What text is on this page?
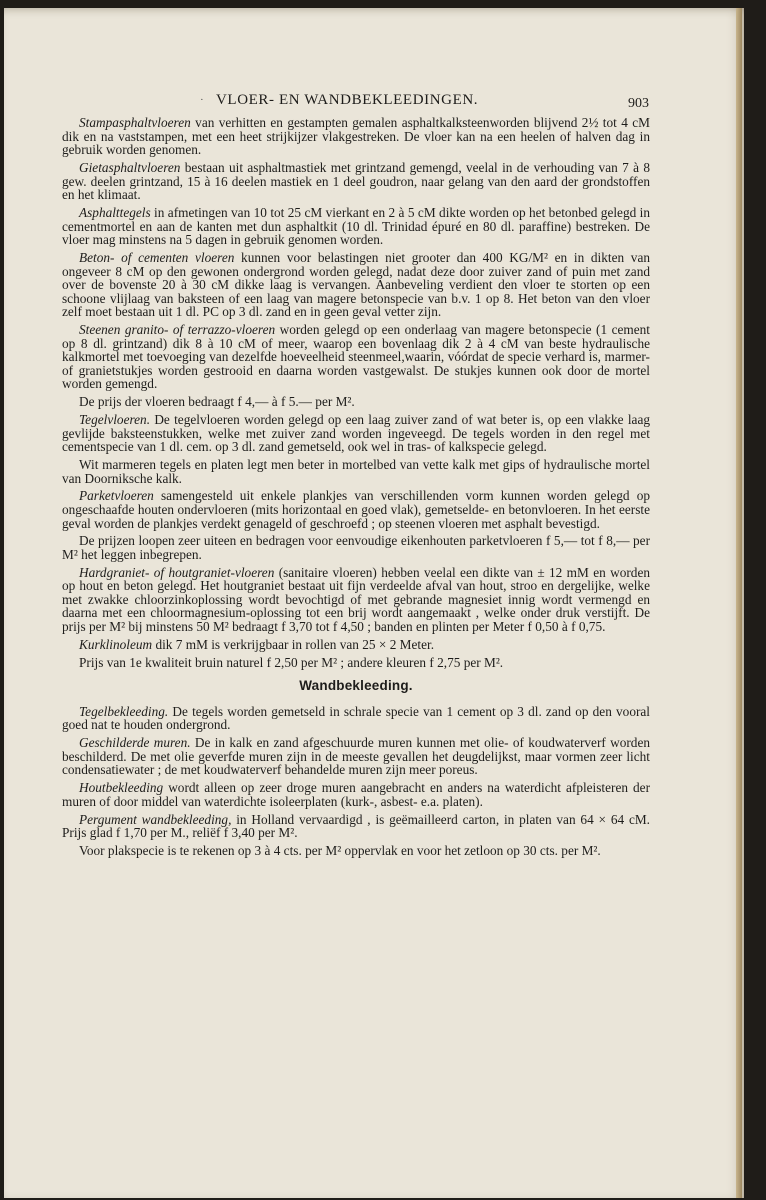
· VLOER- EN WANDBEKLEEDINGEN.	903

Stampasphaltvloeren van verhitten en gestampten gemalen asphaltkalksteenworden blijvend 2½ tot 4 cM dik en na vaststampen, met een heet strijkijzer vlakgestreken. De vloer kan na een heelen of halven dag in gebruik worden genomen.

Gietasphaltvloeren bestaan uit asphaltmastiek met grintzand gemengd, veelal in de verhouding van 7 à 8 gew. deelen grintzand, 15 à 16 deelen mastiek en 1 deel goudron, naar gelang van den aard der grondstoffen en het klimaat.

Asphalttegels in afmetingen van 10 tot 25 cM vierkant en 2 à 5 cM dikte worden op het betonbed gelegd in cementmortel en aan de kanten met dun asphaltkit (10 dl. Trinidad épuré en 80 dl. paraffine) bestreken. De vloer mag minstens na 5 dagen in gebruik genomen worden.

Beton- of cementen vloeren kunnen voor belastingen niet grooter dan 400 KG/M² en in dikten van ongeveer 8 cM op den gewonen ondergrond worden gelegd, nadat deze door zuiver zand of puin met zand over de bovenste 20 à 30 cM dikke laag is vervangen. Aanbeveling verdient den vloer te storten op een schoone vlijlaag van baksteen of een laag van magere betonspecie van b.v. 1 op 8. Het beton van den vloer zelf moet bestaan uit 1 dl. PC op 3 dl. zand en in geen geval vetter zijn.

Steenen granito- of terrazzo-vloeren worden gelegd op een onderlaag van magere betonspecie (1 cement op 8 dl. grintzand) dik 8 à 10 cM of meer, waarop een bovenlaag dik 2 à 4 cM van beste hydraulische kalkmortel met toevoeging van dezelfde hoeveelheid steenmeel,waarin, vóórdat de specie verhard is, marmer- of granietstukjes worden gestrooid en daarna worden vastgewalst. De stukjes kunnen ook door de mortel worden gemengd.

De prijs der vloeren bedraagt f 4,— à f 5.— per M².

Tegelvloeren. De tegelvloeren worden gelegd op een laag zuiver zand of wat beter is, op een vlakke laag gevlijde baksteenstukken, welke met zuiver zand worden ingeveegd. De tegels worden in den regel met cementspecie van 1 dl. cem. op 3 dl. zand gemetseld, ook wel in tras- of kalkspecie gelegd.

Wit marmeren tegels en platen legt men beter in mortelbed van vette kalk met gips of hydraulische mortel van Doorniksche kalk.

Parketvloeren samengesteld uit enkele plankjes van verschillenden vorm kunnen worden gelegd op ongeschaafde houten ondervloeren (mits horizontaal en goed vlak), gemetselde- en betonvloeren. In het eerste geval worden de plankjes verdekt genageld of geschroefd ; op steenen vloeren met asphalt bevestigd.

De prijzen loopen zeer uiteen en bedragen voor eenvoudige eikenhouten parketvloeren f 5,— tot f 8,— per M² het leggen inbegrepen.

Hardgraniet- of houtgraniet-vloeren (sanitaire vloeren) hebben veelal een dikte van ± 12 mM en worden op hout en beton gelegd. Het houtgraniet bestaat uit fijn verdeelde afval van hout, stroo en dergelijke, welke met zwakke chloorzinkoplossing wordt bevochtigd of met gebrande magnesiet innig wordt vermengd en daarna met een chloormagnesium-oplossing tot een brij wordt aangemaakt , welke onder druk verstijft. De prijs per M² bij minstens 50 M² bedraagt f 3,70 tot f 4,50 ; banden en plinten per Meter f 0,50 à f 0,75.

Kurklinoleum dik 7 mM is verkrijgbaar in rollen van 25 × 2 Meter.

Prijs van 1e kwaliteit bruin naturel f 2,50 per M² ; andere kleuren f 2,75 per M².

Wandbekleeding.

Tegelbekleeding. De tegels worden gemetseld in schrale specie van 1 cement op 3 dl. zand op den vooral goed nat te houden ondergrond.

Geschilderde muren. De in kalk en zand afgeschuurde muren kunnen met olie- of koudwaterverf worden beschilderd. De met olie geverfde muren zijn in de meeste gevallen het deugdelijkst, maar vormen zeer licht condensatiewater ; de met koudwaterverf behandelde muren zijn meer poreus.

Houtbekleeding wordt alleen op zeer droge muren aangebracht en anders na waterdicht afpleisteren der muren of door middel van waterdichte isoleerplaten (kurk-, asbest- e.a. platen).

Pergument wandbekleeding, in Holland vervaardigd , is geëmailleerd carton, in platen van 64 × 64 cM. Prijs glad f 1,70 per M., reliëf f 3,40 per M².

Voor plakspecie is te rekenen op 3 à 4 cts. per M² oppervlak en voor het zetloon op 30 cts. per M².
